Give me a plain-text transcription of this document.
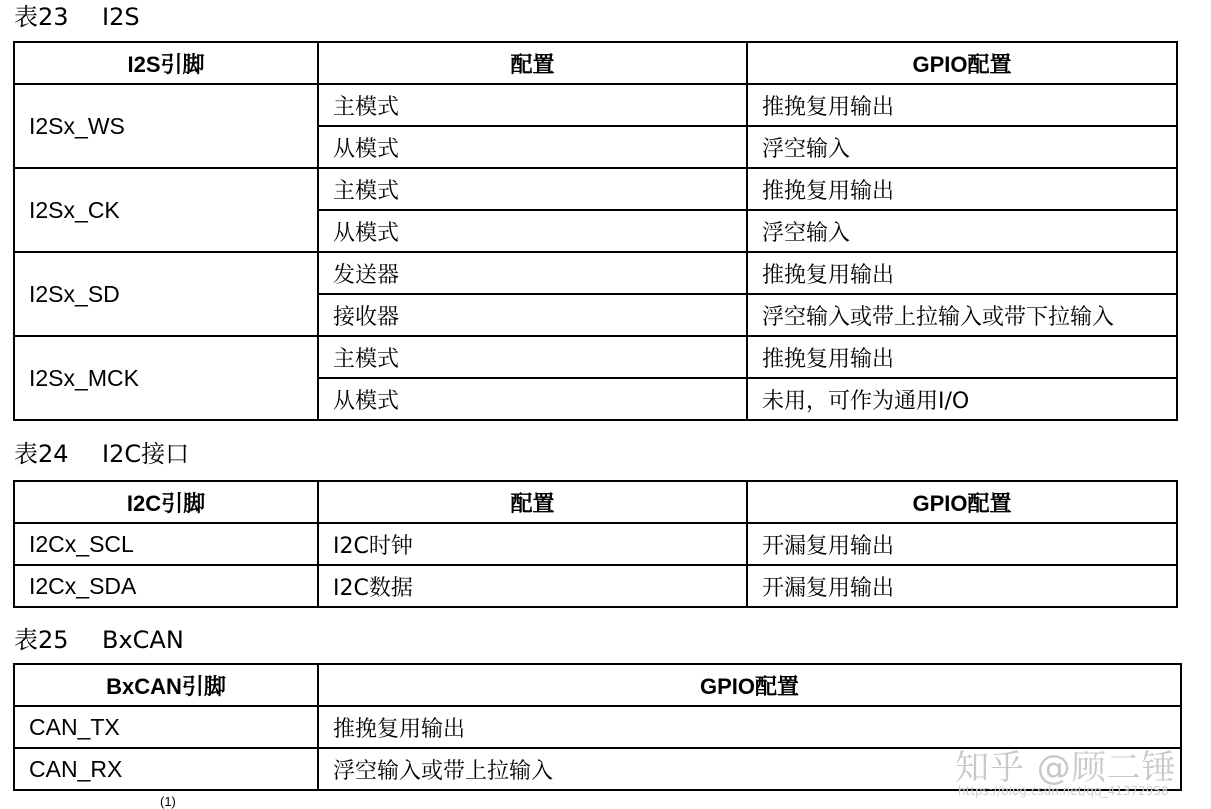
表23 I2S
I2S引脚	配置	GPIO配置
I2Sx_WS	主模式	推挽复用输出
	从模式	浮空输入
I2Sx_CK	主模式	推挽复用输出
	从模式	浮空输入
I2Sx_SD	发送器	推挽复用输出
	接收器	浮空输入或带上拉输入或带下拉输入
I2Sx_MCK	主模式	推挽复用输出
	从模式	未用，可作为通用I/O
表24 I2C接口
I2C引脚	配置	GPIO配置
I2Cx_SCL	I2C时钟	开漏复用输出
I2Cx_SDA	I2C数据	开漏复用输出
表25 BxCAN
BxCAN引脚	GPIO配置
CAN_TX	推挽复用输出
CAN_RX	浮空输入或带上拉输入	知乎 @顾二锤
https://blog.csdn.net/qq_41372958
(1)
